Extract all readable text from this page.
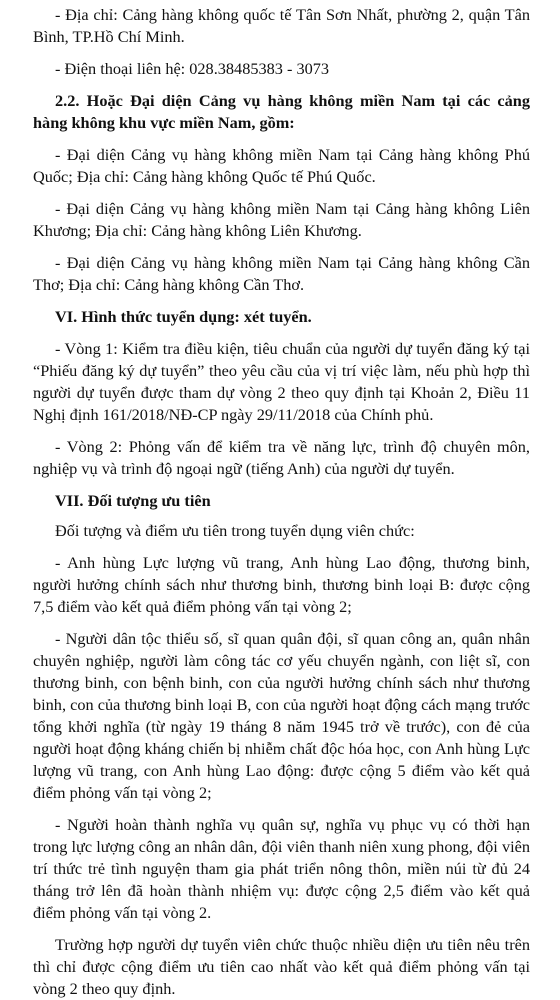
- Địa chỉ: Cảng hàng không quốc tế Tân Sơn Nhất, phường 2, quận Tân Bình, TP.Hồ Chí Minh.

- Điện thoại liên hệ: 028.38485383 - 3073

2.2. Hoặc Đại diện Cảng vụ hàng không miền Nam tại các cảng hàng không khu vực miền Nam, gồm:

- Đại diện Cảng vụ hàng không miền Nam tại Cảng hàng không Phú Quốc; Địa chỉ: Cảng hàng không Quốc tế Phú Quốc.

- Đại diện Cảng vụ hàng không miền Nam tại Cảng hàng không Liên Khương; Địa chỉ: Cảng hàng không Liên Khương.

- Đại diện Cảng vụ hàng không miền Nam tại Cảng hàng không Cần Thơ; Địa chỉ: Cảng hàng không Cần Thơ.

VI. Hình thức tuyển dụng: xét tuyển.

- Vòng 1: Kiểm tra điều kiện, tiêu chuẩn của người dự tuyển đăng ký tại “Phiếu đăng ký dự tuyển” theo yêu cầu của vị trí việc làm, nếu phù hợp thì người dự tuyển được tham dự vòng 2 theo quy định tại Khoản 2, Điều 11 Nghị định 161/2018/NĐ-CP ngày 29/11/2018 của Chính phủ.

- Vòng 2: Phỏng vấn để kiểm tra về năng lực, trình độ chuyên môn, nghiệp vụ và trình độ ngoại ngữ (tiếng Anh) của người dự tuyển.

VII. Đối tượng ưu tiên

Đối tượng và điểm ưu tiên trong tuyển dụng viên chức:

- Anh hùng Lực lượng vũ trang, Anh hùng Lao động, thương binh, người hưởng chính sách như thương binh, thương binh loại B: được cộng 7,5 điểm vào kết quả điểm phỏng vấn tại vòng 2;

- Người dân tộc thiểu số, sĩ quan quân đội, sĩ quan công an, quân nhân chuyên nghiệp, người làm công tác cơ yếu chuyển ngành, con liệt sĩ, con thương binh, con bệnh binh, con của người hưởng chính sách như thương binh, con của thương binh loại B, con của người hoạt động cách mạng trước tổng khởi nghĩa (từ ngày 19 tháng 8 năm 1945 trở về trước), con đẻ của người hoạt động kháng chiến bị nhiễm chất độc hóa học, con Anh hùng Lực lượng vũ trang, con Anh hùng Lao động: được cộng 5 điểm vào kết quả điểm phỏng vấn tại vòng 2;

- Người hoàn thành nghĩa vụ quân sự, nghĩa vụ phục vụ có thời hạn trong lực lượng công an nhân dân, đội viên thanh niên xung phong, đội viên trí thức trẻ tình nguyện tham gia phát triển nông thôn, miền núi từ đủ 24 tháng trở lên đã hoàn thành nhiệm vụ: được cộng 2,5 điểm vào kết quả điểm phỏng vấn tại vòng 2.

Trường hợp người dự tuyển viên chức thuộc nhiều diện ưu tiên nêu trên thì chỉ được cộng điểm ưu tiên cao nhất vào kết quả điểm phỏng vấn tại vòng 2 theo quy định.
